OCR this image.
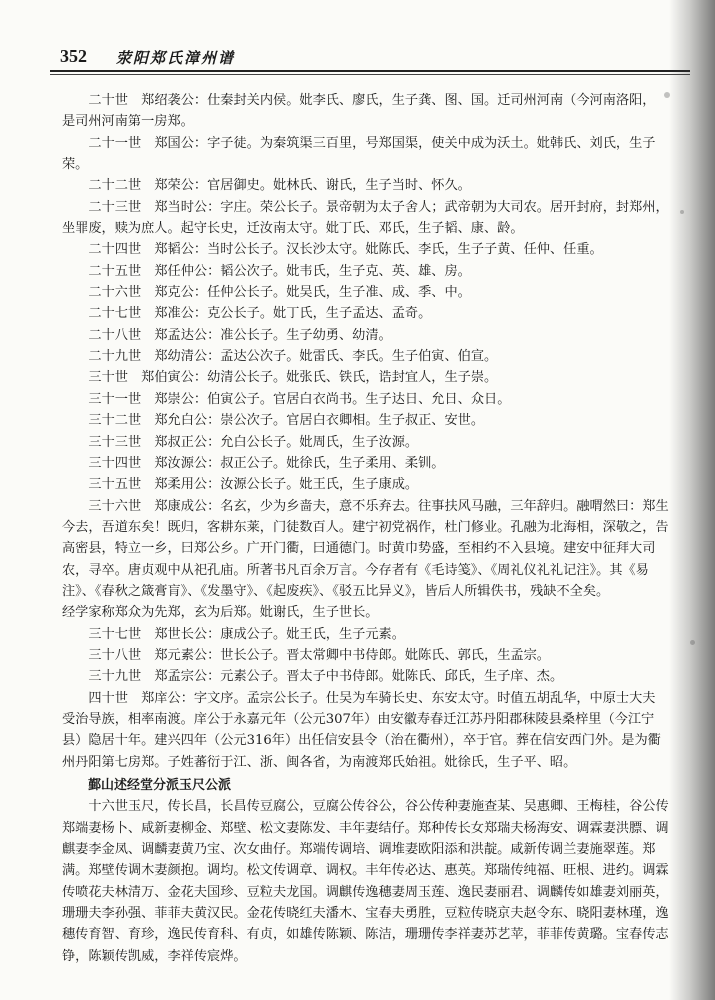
352 荥阳郑氏漳州谱
二十世　郑绍袭公：仕秦封关内侯。妣李氏、廖氏，生子龚、图、国。迁司州河南（今河南洛阳，
是司州河南第一房郑。
二十一世　郑国公：字子徒。为秦筑渠三百里，号郑国渠，使关中成为沃土。妣韩氏、刘氏，生子
荣。
二十二世　郑荣公：官居御史。妣林氏、谢氏，生子当时、怀久。
二十三世　郑当时公：字庄。荣公长子。景帝朝为太子舍人；武帝朝为大司农。居开封府，封郑州，
坐罪废，赎为庶人。起守长史，迁汝南太守。妣丁氏、邓氏，生子韬、康、龄。
二十四世　郑韬公：当时公长子。汉长沙太守。妣陈氏、李氏，生子子黄、任仲、任重。
二十五世　郑任仲公：韬公次子。妣韦氏，生子克、英、雄、房。
二十六世　郑克公：任仲公长子。妣吴氏，生子准、成、季、中。
二十七世　郑准公：克公长子。妣丁氏，生子孟达、孟奇。
二十八世　郑孟达公：准公长子。生子幼勇、幼清。
二十九世　郑幼清公：孟达公次子。妣雷氏、李氏。生子伯寅、伯宣。
三十世　郑伯寅公：幼清公长子。妣张氏、铁氏，诰封宜人，生子崇。
三十一世　郑崇公：伯寅公子。官居白衣尚书。生子达日、允日、众日。
三十二世　郑允白公：崇公次子。官居白衣卿相。生子叔正、安世。
三十三世　郑叔正公：允白公长子。妣周氏，生子汝源。
三十四世　郑汝源公：叔正公子。妣徐氏，生子柔用、柔钏。
三十五世　郑柔用公：汝源公长子。妣王氏，生子康成。
三十六世　郑康成公：名玄，少为乡啬夫，意不乐弃去。往事扶风马融，三年辞归。融喟然曰：郑生
今去，吾道东矣！既归，客耕东莱，门徒数百人。建宁初党祸作，杜门修业。孔融为北海相，深敬之，告
高密县，特立一乡，曰郑公乡。广开门衢，曰通德门。时黄巾势盛，至相约不入县境。建安中征拜大司
农，寻卒。唐贞观中从祀孔庙。所著书凡百余万言。今存者有《毛诗笺》、《周礼仪礼礼记注》。其《易
注》、《春秋之箴膏肓》、《发墨守》、《起废疾》、《驳五比异义》，皆后人所辑佚书，残缺不全矣。
经学家称郑众为先郑，玄为后郑。妣谢氏，生子世长。
三十七世　郑世长公：康成公子。妣王氏，生子元素。
三十八世　郑元素公：世长公子。晋太常卿中书侍郎。妣陈氏、郭氏，生孟宗。
三十九世　郑孟宗公：元素公子。晋太子中书侍郎。妣陈氏、邱氏，生子庠、杰。
四十世　郑庠公：字文序。孟宗公长子。仕吴为车骑长史、东安太守。时值五胡乱华，中原士大夫
受治导族，相率南渡。庠公于永嘉元年（公元307年）由安徽寿春迁江苏丹阳郡秣陵县桑梓里（今江宁
县）隐居十年。建兴四年（公元316年）出任信安县令（治在衢州），卒于官。葬在信安西门外。是为衢
州丹阳第七房郑。子姓蕃衍于江、浙、闽各省，为南渡郑氏始祖。妣徐氏，生子平、昭。
鄞山述经堂分派玉尺公派
十六世玉尺，传长昌，长昌传豆腐公，豆腐公传谷公，谷公传种妻施查某、吴惠卿、王梅桂，谷公传
郑端妻杨卜、咸新妻柳金、郑壁、松文妻陈发、丰年妻结仔。郑种传长女郑瑞夫杨海安、调霖妻洪膘、调
麒妻李金凤、调麟妻黄乃宝、次女曲仔。郑端传调培、调堆妻欧阳添和洪靛。咸新传调兰妻施翠莲。郑
满。郑壁传调木妻颜抱。调均。松文传调章、调权。丰年传必达、惠英。郑瑞传纯福、旺根、进约。调霖
传喷花夫林清万、金花夫国珍、豆粒夫龙国。调麒传逸穗妻周玉莲、逸民妻丽君、调麟传如雄妻刘丽英，
珊珊夫李孙强、菲菲夫黄汉民。金花传晓红夫潘木、宝春夫勇胜，豆粒传晓京夫赵令东、晓阳妻林瑾，逸
穗传育智、育珍，逸民传育科、有贞，如雄传陈颖、陈洁，珊珊传李祥妻苏艺苹，菲菲传黄璐。宝春传志
铮，陈颖传凯威，李祥传宸烨。
